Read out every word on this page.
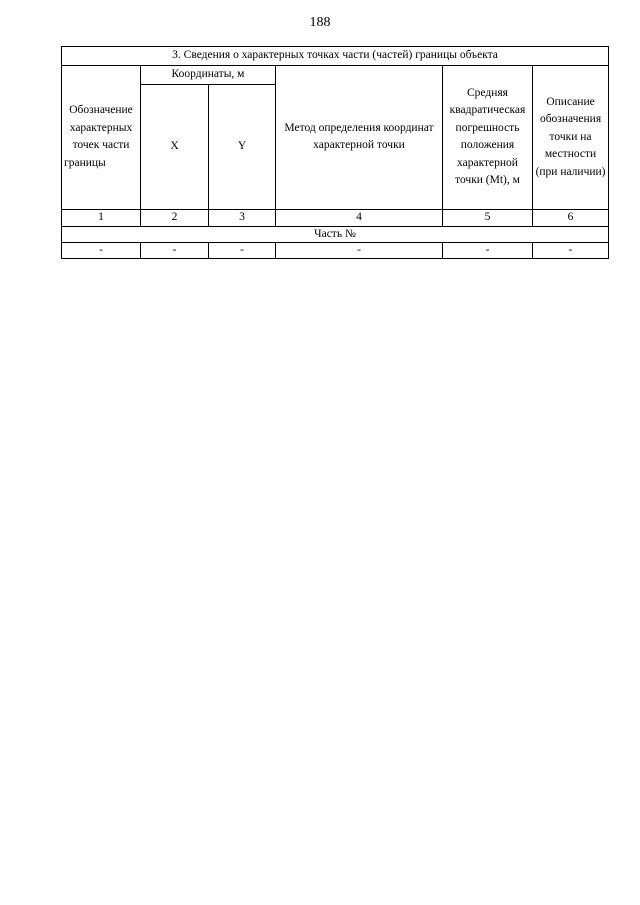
188
3. Сведения о характерных точках части (частей) границы объекта					
Обозначение характерных точек части границы	Координаты, м		Метод определения координат характерной точки	Средняя квадратическая погрешность положения характерной точки (Mt), м	Описание обозначения точки на местности (при наличии)
	X	Y			
1	2	3	4	5	6
Часть №					
-	-	-	-	-	-
